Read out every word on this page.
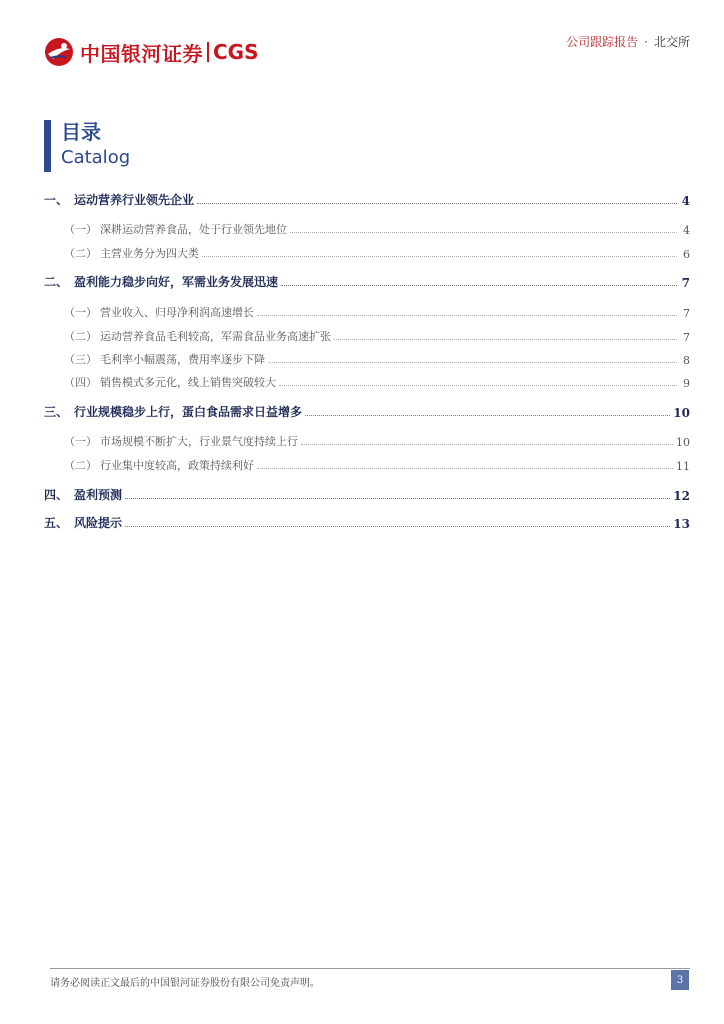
中国银河证券 CGS	公司跟踪报告 · 北交所
目录
Catalog
一、 运动营养行业领先企业	4
（一） 深耕运动营养食品，处于行业领先地位	4
（二） 主营业务分为四大类	6
二、 盈利能力稳步向好，军需业务发展迅速	7
（一） 营业收入、归母净利润高速增长	7
（二） 运动营养食品毛利较高，军需食品业务高速扩张	7
（三） 毛利率小幅震荡，费用率逐步下降	8
（四） 销售模式多元化，线上销售突破较大	9
三、 行业规模稳步上行，蛋白食品需求日益增多	10
（一） 市场规模不断扩大，行业景气度持续上行	10
（二） 行业集中度较高，政策持续利好	11
四、 盈利预测	12
五、 风险提示	13
请务必阅读正文最后的中国银河证券股份有限公司免责声明。	3
